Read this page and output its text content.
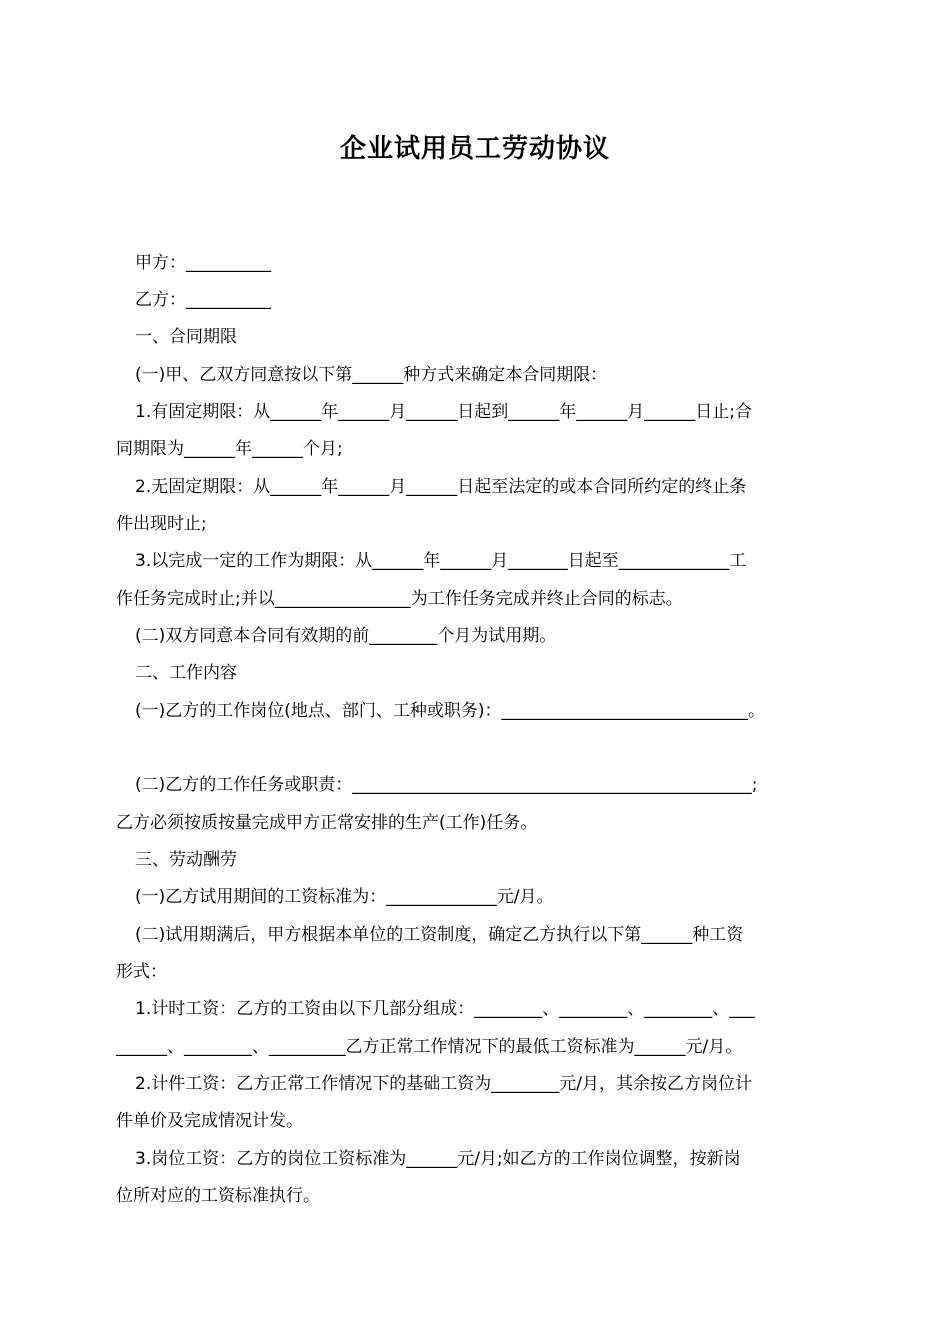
企业试用员工劳动协议
甲方：__________
乙方：__________
一、合同期限
(一)甲、乙双方同意按以下第______种方式来确定本合同期限：
1.有固定期限：从______年______月______日起到______年______月______日止;合
同期限为______年______个月;
2.无固定期限：从______年______月______日起至法定的或本合同所约定的终止条
件出现时止;
3.以完成一定的工作为期限：从______年______月_______日起至_____________工
作任务完成时止;并以________________为工作任务完成并终止合同的标志。
(二)双方同意本合同有效期的前________个月为试用期。
二、工作内容
(一)乙方的工作岗位(地点、部门、工种或职务)：_____________________________。
(二)乙方的工作任务或职责：_______________________________________________;
乙方必须按质按量完成甲方正常安排的生产(工作)任务。
三、劳动酬劳
(一)乙方试用期间的工资标准为：_____________元/月。
(二)试用期满后，甲方根据本单位的工资制度，确定乙方执行以下第______种工资
形式：
1.计时工资：乙方的工资由以下几部分组成：________、________、________、___
______、________、_________乙方正常工作情况下的最低工资标准为______元/月。
2.计件工资：乙方正常工作情况下的基础工资为________元/月，其余按乙方岗位计
件单价及完成情况计发。
3.岗位工资：乙方的岗位工资标准为______元/月;如乙方的工作岗位调整，按新岗
位所对应的工资标准执行。
